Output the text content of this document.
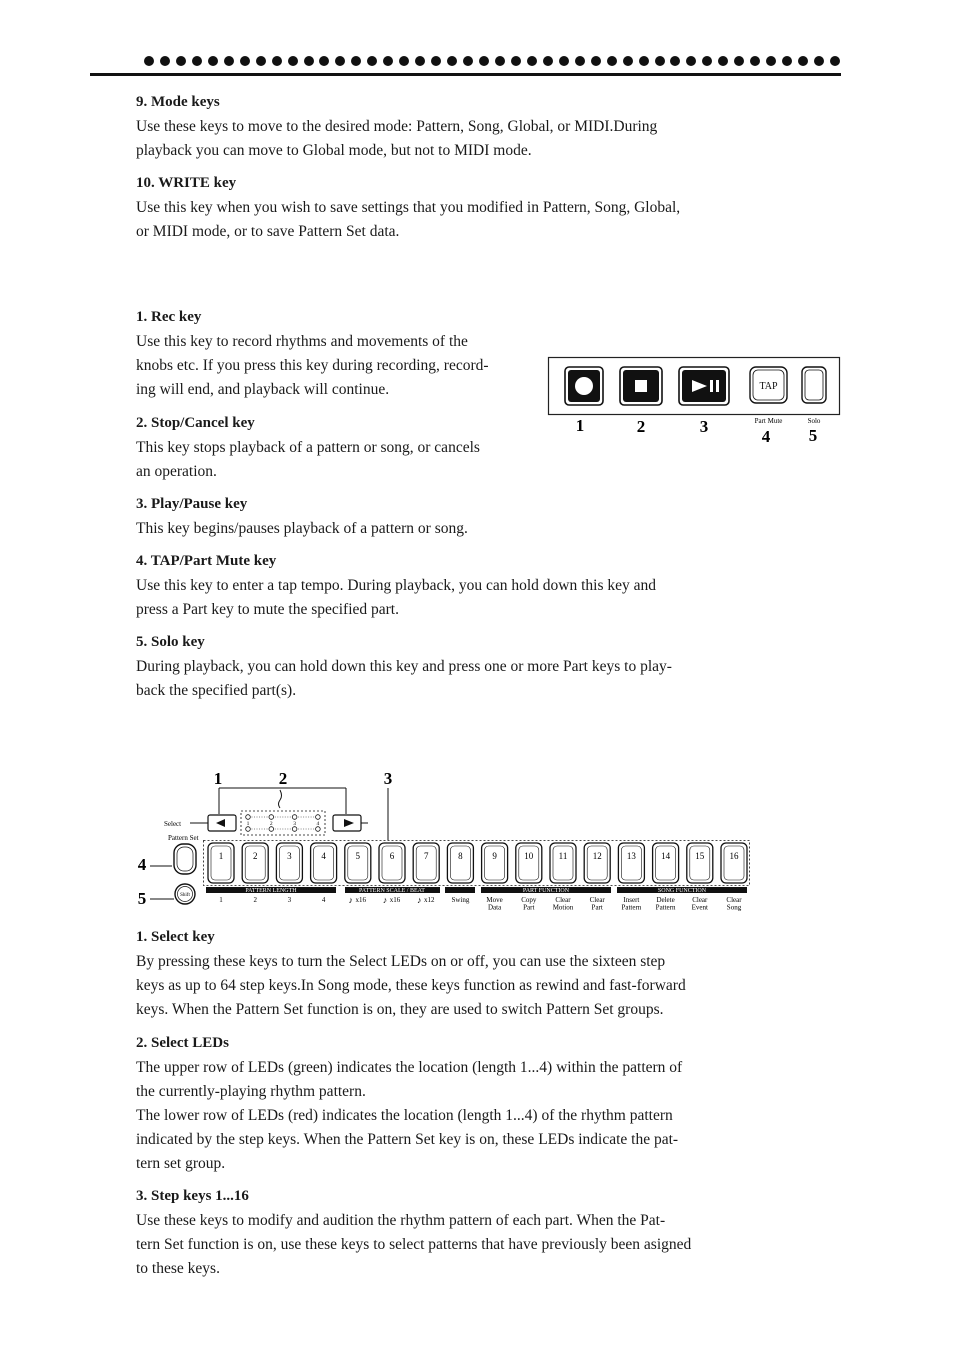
9. Mode keys

Use these keys to move to the desired mode: Pattern, Song, Global, or MIDI.During
playback you can move to Global mode, but not to MIDI mode.

10. WRITE key

Use this key when you wish to save settings that you modified in Pattern, Song, Global,
or MIDI mode, or to save Pattern Set data.

1. Rec key

Use this key to record rhythms and movements of the
knobs etc. If you press this key during recording, record-
ing will end, and playback will continue.

2. Stop/Cancel key

This key stops playback of a pattern or song, or cancels
an operation.

3. Play/Pause key

This key begins/pauses playback of a pattern or song.

4. TAP/Part Mute key

Use this key to enter a tap tempo. During playback, you can hold down this key and
press a Part key to mute the specified part.

5. Solo key

During playback, you can hold down this key and press one or more Part keys to play-
back the specified part(s).

TAP
Part Mute	Solo
1	2	3
4 5
1	2	3
4
5
Select
Pattern Set
1	2	3	4
Shift
1	2	3	4	5	6	7	8	9	10	11	12	13	14	15	16
PATTERN LENGTH	PATTERN SCALE / BEAT	PART FUNCTION	SONG FUNCTION
1	2	3	4	♪ x16 ♪ x16 ♪ x12 Swing Move
Data
Copy
Part
Clear
Motion
Clear
Part
Insert
Pattern
Delete
Pattern
Clear
Event
Clear
Song

1. Select key

By pressing these keys to turn the Select LEDs on or off, you can use the sixteen step
keys as up to 64 step keys.In Song mode, these keys function as rewind and fast-forward
keys. When the Pattern Set function is on, they are used to switch Pattern Set groups.

2. Select LEDs

The upper row of LEDs (green) indicates the location (length 1...4) within the pattern of
the currently-playing rhythm pattern.
The lower row of LEDs (red) indicates the location (length 1...4) of the rhythm pattern
indicated by the step keys. When the Pattern Set key is on, these LEDs indicate the pat-
tern set group.

3. Step keys 1...16

Use these keys to modify and audition the rhythm pattern of each part. When the Pat-
tern Set function is on, use these keys to select patterns that have previously been asigned
to these keys.
